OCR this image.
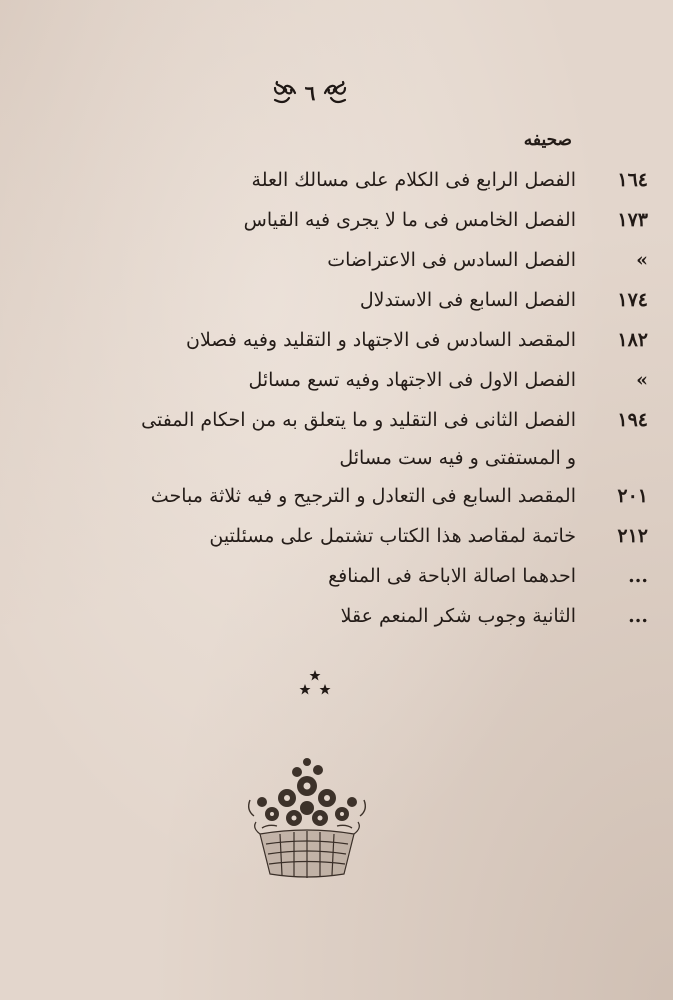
٦
صحيفه
١٦٤
الفصل الرابع فى الكلام على مسالك العلة
١٧٣
الفصل الخامس فى ما لا يجرى فيه القياس
»
الفصل السادس فى الاعتراضات
١٧٤
الفصل السابع فى الاستدلال
١٨٢
المقصد السادس فى الاجتهاد و التقليد وفيه فصلان
»
الفصل الاول فى الاجتهاد وفيه تسع مسائل
١٩٤
الفصل الثانى فى التقليد و ما يتعلق به من احكام المفتى
و المستفتى و فيه ست مسائل
٢٠١
المقصد السابع فى التعادل و الترجيح و فيه ثلاثة مباحث
٢١٢
خاتمة لمقاصد هذا الكتاب تشتمل على مسئلتين
...
احدهما اصالة الاباحة فى المنافع
...
الثانية وجوب شكر المنعم عقلا
